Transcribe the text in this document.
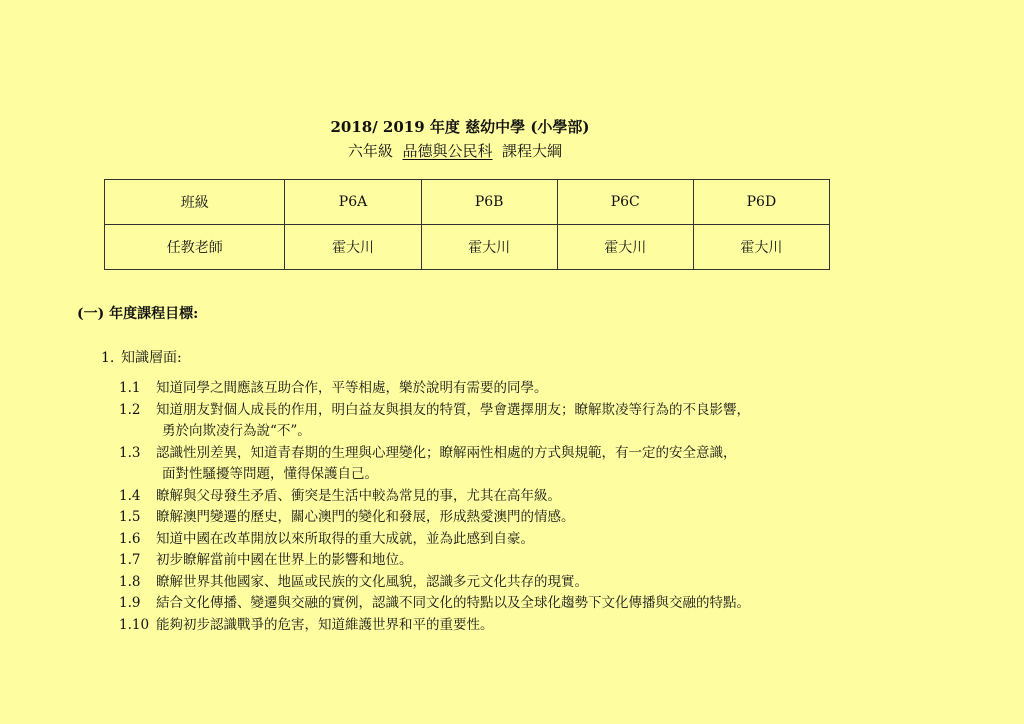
2018/ 2019 年度 慈幼中學 (小學部)
六年級 品德與公民科 課程大綱
班級	P6A	P6B	P6C	P6D
任教老師	霍大川	霍大川	霍大川	霍大川
(一) 年度課程目標:
1. 知識層面:
1.1	知道同學之間應該互助合作，平等相處，樂於說明有需要的同學。
1.2	知道朋友對個人成長的作用，明白益友與損友的特質，學會選擇朋友；瞭解欺凌等行為的不良影響，
勇於向欺凌行為說“不”。
1.3	認識性別差異，知道青春期的生理與心理變化；瞭解兩性相處的方式與規範，有一定的安全意識，
面對性騷擾等問題，懂得保護自己。
1.4	瞭解與父母發生矛盾、衝突是生活中較為常見的事，尤其在高年級。
1.5	瞭解澳門變遷的歷史，關心澳門的變化和發展，形成熱愛澳門的情感。
1.6	知道中國在改革開放以來所取得的重大成就，並為此感到自豪。
1.7	初步瞭解當前中國在世界上的影響和地位。
1.8	瞭解世界其他國家、地區或民族的文化風貌，認識多元文化共存的現實。
1.9	結合文化傳播、變遷與交融的實例，認識不同文化的特點以及全球化趨勢下文化傳播與交融的特點。
1.10 能夠初步認識戰爭的危害，知道維護世界和平的重要性。
